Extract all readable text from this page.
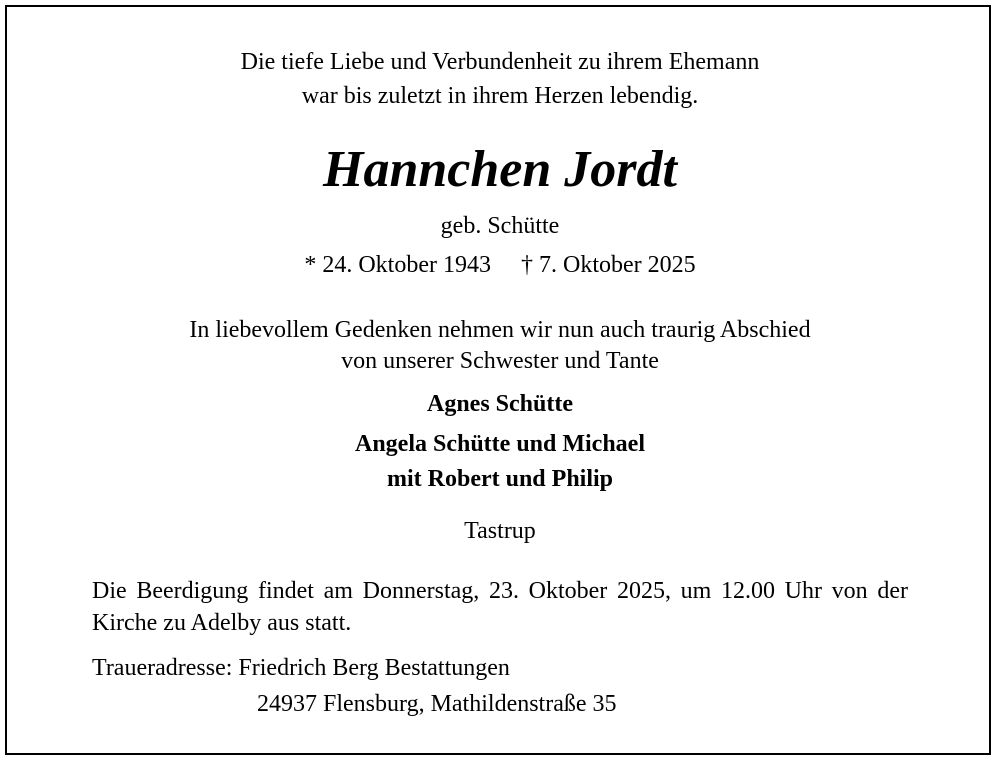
Die tiefe Liebe und Verbundenheit zu ihrem Ehemann
war bis zuletzt in ihrem Herzen lebendig.
Hannchen Jordt
geb. Schütte
* 24. Oktober 1943 † 7. Oktober 2025
In liebevollem Gedenken nehmen wir nun auch traurig Abschied
von unserer Schwester und Tante
Agnes Schütte
Angela Schütte und Michael
mit Robert und Philip
Tastrup
Die Beerdigung findet am Donnerstag, 23. Oktober 2025, um 12.00 Uhr von der Kirche zu Adelby aus statt.
Traueradresse: Friedrich Berg Bestattungen
24937 Flensburg, Mathildenstraße 35
